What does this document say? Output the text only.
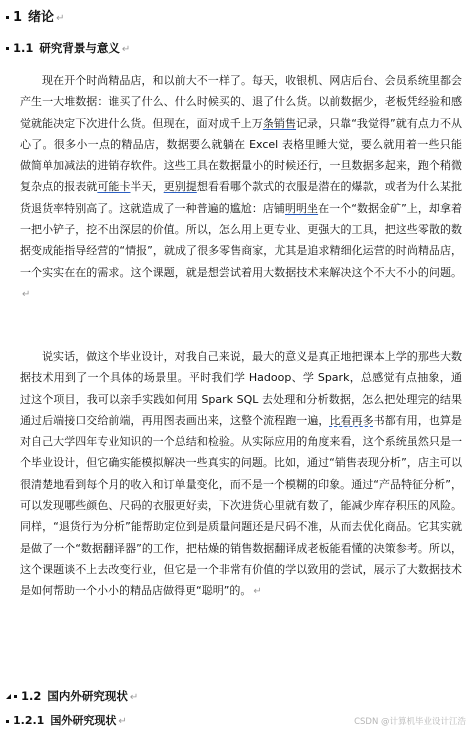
1 绪论 ↵
1.1 研究背景与意义 ↵
现在开个时尚精品店，和以前大不一样了。每天，收银机、网店后台、会员系统里都会产生一大堆数据：谁买了什么、什么时候买的、退了什么货。以前数据少，老板凭经验和感觉就能决定下次进什么货。但现在，面对成千上万条销售记录，只靠“我觉得”就有点力不从心了。很多小一点的精品店，数据要么就躺在 Excel 表格里睡大觉，要么就用着一些只能做简单加减法的进销存软件。这些工具在数据量小的时候还行，一旦数据多起来，跑个稍微复杂点的报表就可能卡半天，更别提想看看哪个款式的衣服是潜在的爆款，或者为什么某批货退货率特别高了。这就造成了一种普遍的尴尬：店铺明明坐在一个“数据金矿”上，却拿着一把小铲子，挖不出深层的价值。所以，怎么用上更专业、更强大的工具，把这些零散的数据变成能指导经营的“情报”，就成了很多零售商家，尤其是追求精细化运营的时尚精品店，一个实实在在的需求。这个课题，就是想尝试着用大数据技术来解决这个不大不小的问题。↵
说实话，做这个毕业设计，对我自己来说，最大的意义是真正地把课本上学的那些大数据技术用到了一个具体的场景里。平时我们学 Hadoop、学 Spark，总感觉有点抽象，通过这个项目，我可以亲手实践如何用 Spark SQL 去处理和分析数据，怎么把处理完的结果通过后端接口交给前端，再用图表画出来，这整个流程跑一遍，比看再多书都有用，也算是对自己大学四年专业知识的一个总结和检验。从实际应用的角度来看，这个系统虽然只是一个毕业设计，但它确实能模拟解决一些真实的问题。比如，通过“销售表现分析”，店主可以很清楚地看到每个月的收入和订单量变化，而不是一个模糊的印象。通过“产品特征分析”，可以发现哪些颜色、尺码的衣服更好卖，下次进货心里就有数了，能减少库存积压的风险。同样，“退货行为分析”能帮助定位到是质量问题还是尺码不准，从而去优化商品。它其实就是做了一个“数据翻译器”的工作，把枯燥的销售数据翻译成老板能看懂的决策参考。所以，这个课题谈不上去改变行业，但它是一个非常有价值的学以致用的尝试，展示了大数据技术是如何帮助一个小小的精品店做得更“聪明”的。 ↵
1.2 国内外研究现状 ↵
1.2.1 国外研究现状 ↵	CSDN @计算机毕业设计江浩
